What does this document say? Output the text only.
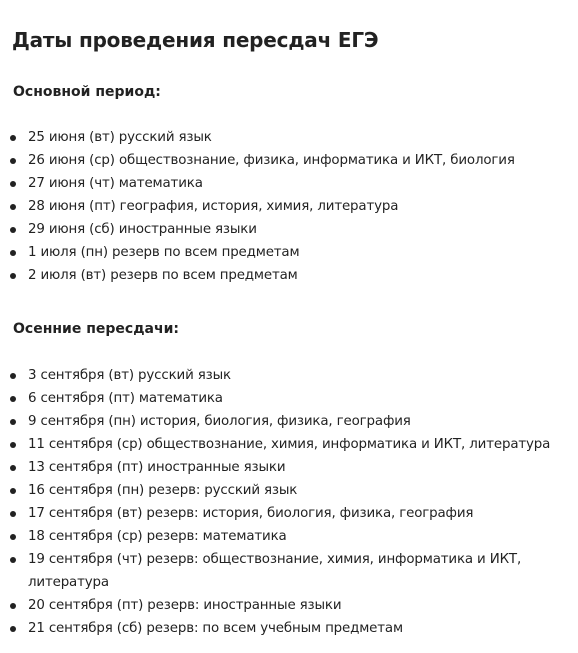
Даты проведения пересдач ЕГЭ
Основной период:
25 июня (вт) русский язык
26 июня (ср) обществознание, физика, информатика и ИКТ, биология
27 июня (чт) математика
28 июня (пт) география, история, химия, литература
29 июня (сб) иностранные языки
1 июля (пн) резерв по всем предметам
2 июля (вт) резерв по всем предметам
Осенние пересдачи:
3 сентября (вт) русский язык
6 сентября (пт) математика
9 сентября (пн) история, биология, физика, география
11 сентября (ср) обществознание, химия, информатика и ИКТ, литература
13 сентября (пт) иностранные языки
16 сентября (пн) резерв: русский язык
17 сентября (вт) резерв: история, биология, физика, география
18 сентября (ср) резерв: математика
19 сентября (чт) резерв: обществознание, химия, информатика и ИКТ, литература
20 сентября (пт) резерв: иностранные языки
21 сентября (сб) резерв: по всем учебным предметам
